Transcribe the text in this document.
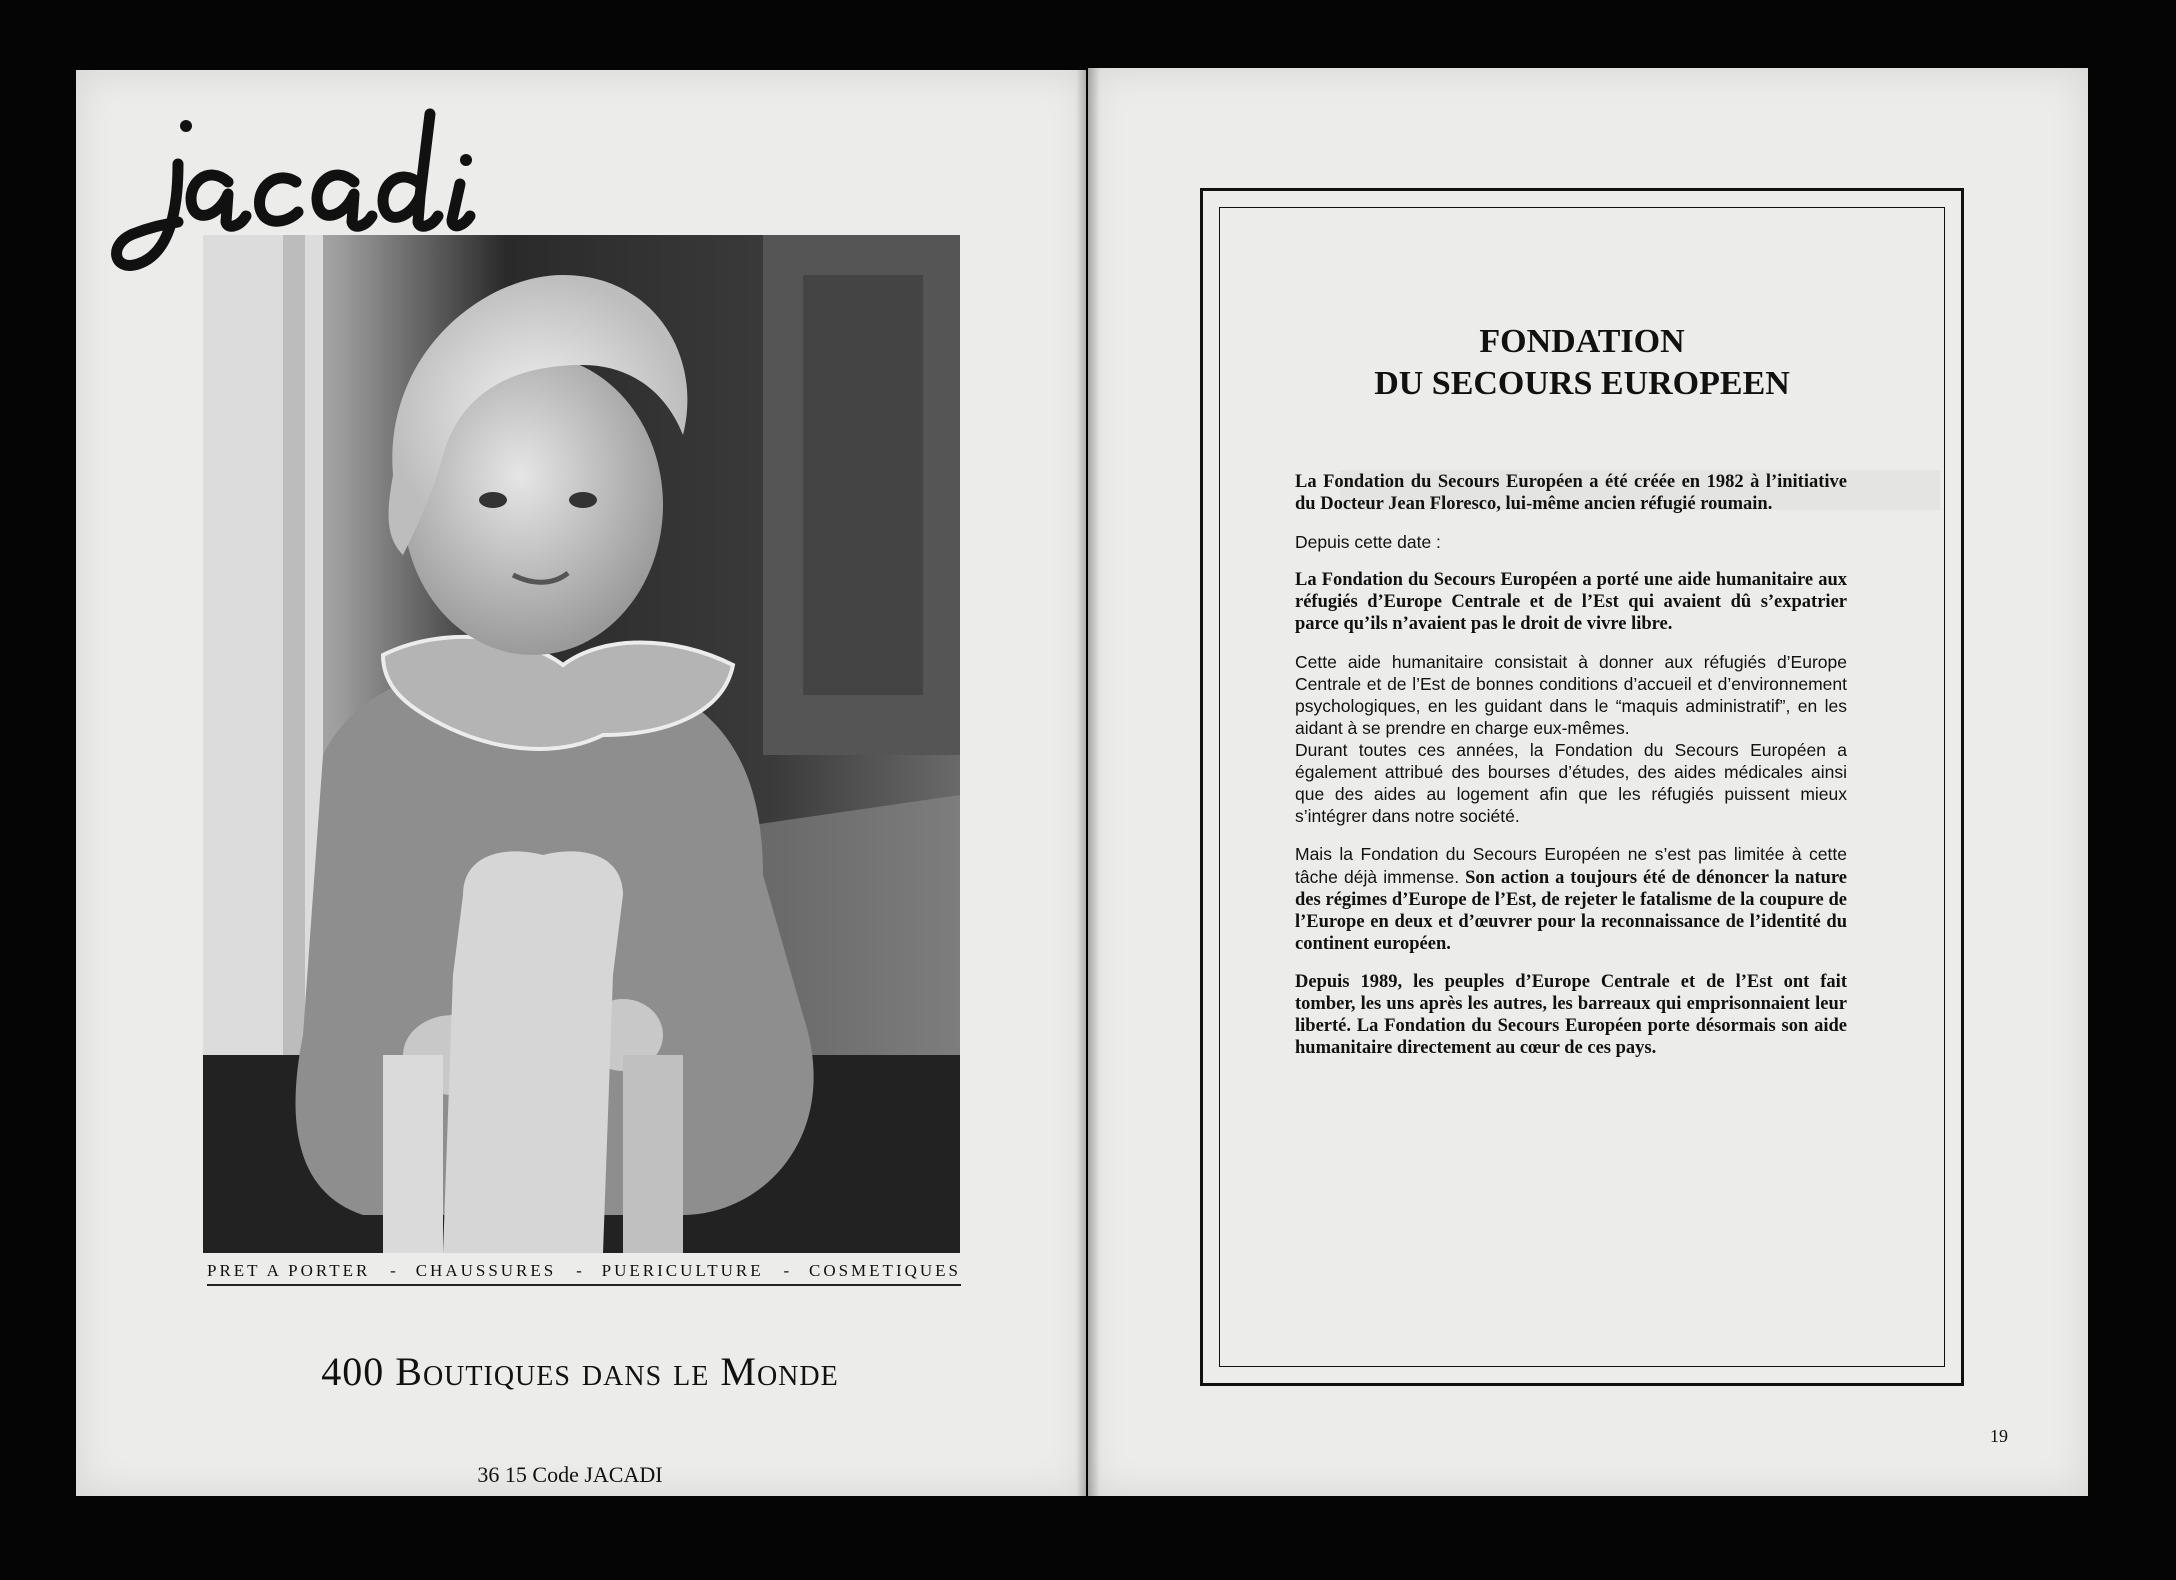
PRET A PORTER - CHAUSSURES - PUERICULTURE - COSMETIQUES
400 Boutiques dans le Monde
36 15 Code JACADI
FONDATION
DU SECOURS EUROPEEN

La Fondation du Secours Européen a été créée en 1982 à l’initiative du Docteur Jean Floresco, lui-même ancien réfugié roumain.

Depuis cette date :

La Fondation du Secours Européen a porté une aide humanitaire aux réfugiés d’Europe Centrale et de l’Est qui avaient dû s’expatrier parce qu’ils n’avaient pas le droit de vivre libre.

Cette aide humanitaire consistait à donner aux réfugiés d’Europe Centrale et de l’Est de bonnes conditions d’accueil et d’environnement psychologiques, en les guidant dans le “maquis administratif”, en les aidant à se prendre en charge eux-mêmes.

Durant toutes ces années, la Fondation du Secours Européen a également attribué des bourses d’études, des aides médicales ainsi que des aides au logement afin que les réfugiés puissent mieux s’intégrer dans notre société.

Mais la Fondation du Secours Européen ne s’est pas limitée à cette tâche déjà immense. Son action a toujours été de dénoncer la nature des régimes d’Europe de l’Est, de rejeter le fatalisme de la coupure de l’Europe en deux et d’œuvrer pour la reconnaissance de l’identité du continent européen.

Depuis 1989, les peuples d’Europe Centrale et de l’Est ont fait tomber, les uns après les autres, les barreaux qui emprisonnaient leur liberté. La Fondation du Secours Européen porte désormais son aide humanitaire directement au cœur de ces pays.

19
